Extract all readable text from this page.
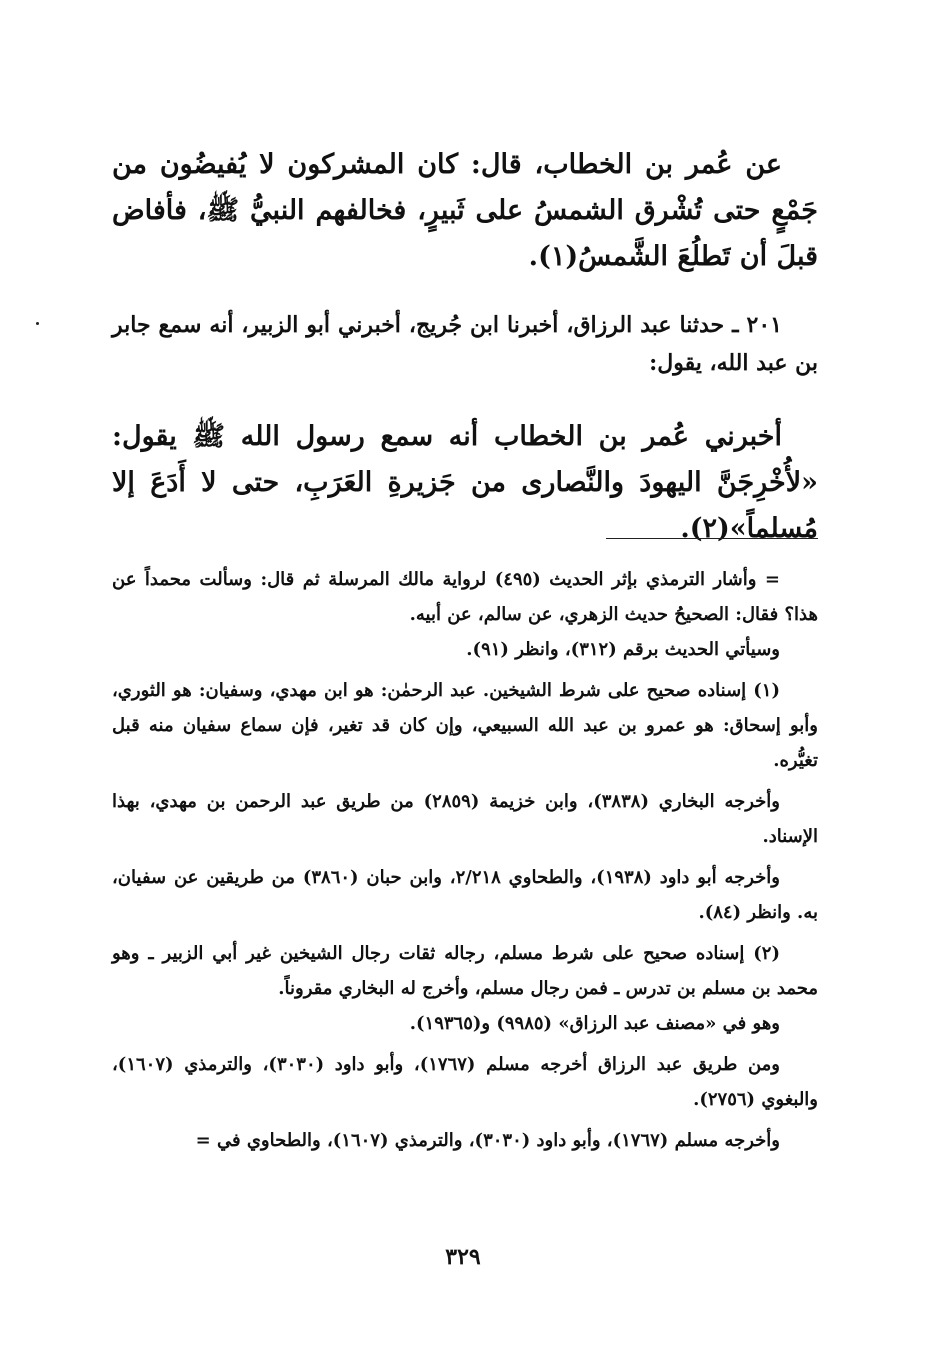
عن عُمر بن الخطاب، قال: كان المشركون لا يُفيضُون من جَمْعٍ حتى تُشْرق الشمسُ على ثَبيرٍ، فخالفهم النبيُّ ﷺ، فأفاض قبلَ أن تَطلُعَ الشَّمسُ(١).

٢٠١ ـ حدثنا عبد الرزاق، أخبرنا ابن جُريج، أخبرني أبو الزبير، أنه سمع جابر بن عبد الله، يقول:

أخبرني عُمر بن الخطاب أنه سمع رسول الله ﷺ يقول: «لأُخْرِجَنَّ اليهودَ والنَّصارى من جَزيرةِ العَرَبِ، حتى لا أَدَعَ إلا مُسلماً»(٢).

= وأشار الترمذي بإثر الحديث (٤٩٥) لرواية مالك المرسلة ثم قال: وسألت محمداً عن هذا؟ فقال: الصحيحُ حديث الزهري، عن سالم، عن أبيه.

وسيأتي الحديث برقم (٣١٢)، وانظر (٩١).

(١) إسناده صحيح على شرط الشيخين. عبد الرحمٰن: هو ابن مهدي، وسفيان: هو الثوري، وأبو إسحاق: هو عمرو بن عبد الله السبيعي، وإن كان قد تغير، فإن سماع سفيان منه قبل تغيُّره.

وأخرجه البخاري (٣٨٣٨)، وابن خزيمة (٢٨٥٩) من طريق عبد الرحمن بن مهدي، بهذا الإسناد.

وأخرجه أبو داود (١٩٣٨)، والطحاوي ٢/٢١٨، وابن حبان (٣٨٦٠) من طريقين عن سفيان، به. وانظر (٨٤).

(٢) إسناده صحيح على شرط مسلم، رجاله ثقات رجال الشيخين غير أبي الزبير ـ وهو محمد بن مسلم بن تدرس ـ فمن رجال مسلم، وأخرج له البخاري مقروناً.

وهو في «مصنف عبد الرزاق» (٩٩٨٥) و(١٩٣٦٥).

ومن طريق عبد الرزاق أخرجه مسلم (١٧٦٧)، وأبو داود (٣٠٣٠)، والترمذي (١٦٠٧)، والبغوي (٢٧٥٦).

وأخرجه مسلم (١٧٦٧)، وأبو داود (٣٠٣٠)، والترمذي (١٦٠٧)، والطحاوي في =

٣٢٩
